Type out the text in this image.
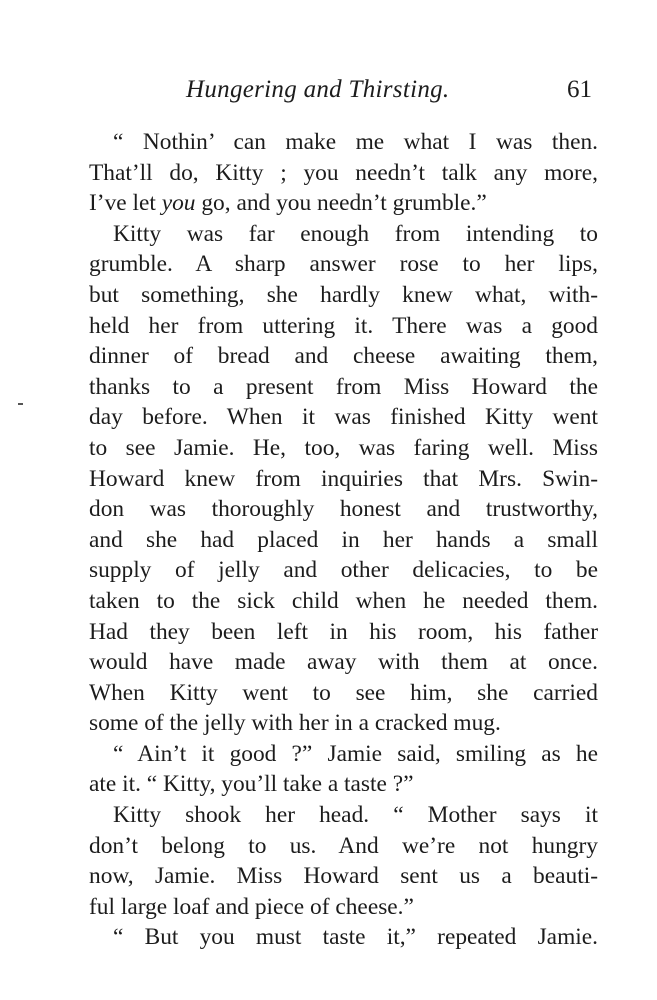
Hungering and Thirsting.	61
“ Nothin’ can make me what I was then.
That’ll do, Kitty ; you needn’t talk any more,
I’ve let you go, and you needn’t grumble.”
Kitty was far enough from intending to
grumble. A sharp answer rose to her lips,
but something, she hardly knew what, with-
held her from uttering it. There was a good
dinner of bread and cheese awaiting them,
thanks to a present from Miss Howard the
day before. When it was finished Kitty went
to see Jamie. He, too, was faring well. Miss
Howard knew from inquiries that Mrs. Swin-
don was thoroughly honest and trustworthy,
and she had placed in her hands a small
supply of jelly and other delicacies, to be
taken to the sick child when he needed them.
Had they been left in his room, his father
would have made away with them at once.
When Kitty went to see him, she carried
some of the jelly with her in a cracked mug.
“ Ain’t it good ?” Jamie said, smiling as he
ate it. “ Kitty, you’ll take a taste ?”
Kitty shook her head. “ Mother says it
don’t belong to us. And we’re not hungry
now, Jamie. Miss Howard sent us a beauti-
ful large loaf and piece of cheese.”
“ But you must taste it,” repeated Jamie.
